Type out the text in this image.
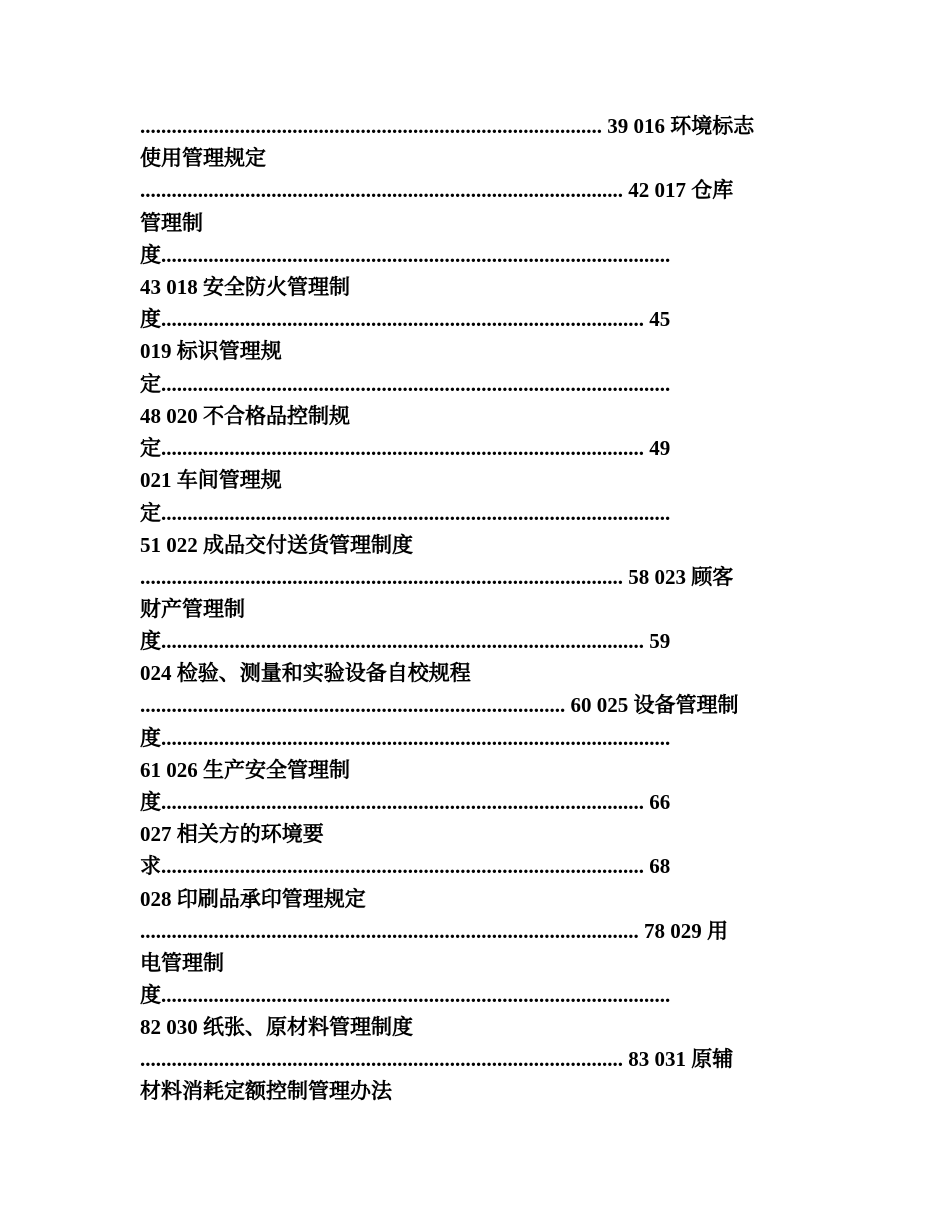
........................................................................................ 39 016 环境标志
使用管理规定
............................................................................................ 42 017 仓库
管理制
度.................................................................................................
43 018 安全防火管理制
度............................................................................................ 45
019 标识管理规
定.................................................................................................
48 020 不合格品控制规
定............................................................................................ 49
021 车间管理规
定.................................................................................................
51 022 成品交付送货管理制度
............................................................................................ 58 023 顾客
财产管理制
度............................................................................................ 59
024 检验、测量和实验设备自校规程
................................................................................. 60 025 设备管理制
度.................................................................................................
61 026 生产安全管理制
度............................................................................................ 66
027 相关方的环境要
求............................................................................................ 68
028 印刷品承印管理规定
............................................................................................... 78 029 用
电管理制
度.................................................................................................
82 030 纸张、原材料管理制度
............................................................................................ 83 031 原辅
材料消耗定额控制管理办法
